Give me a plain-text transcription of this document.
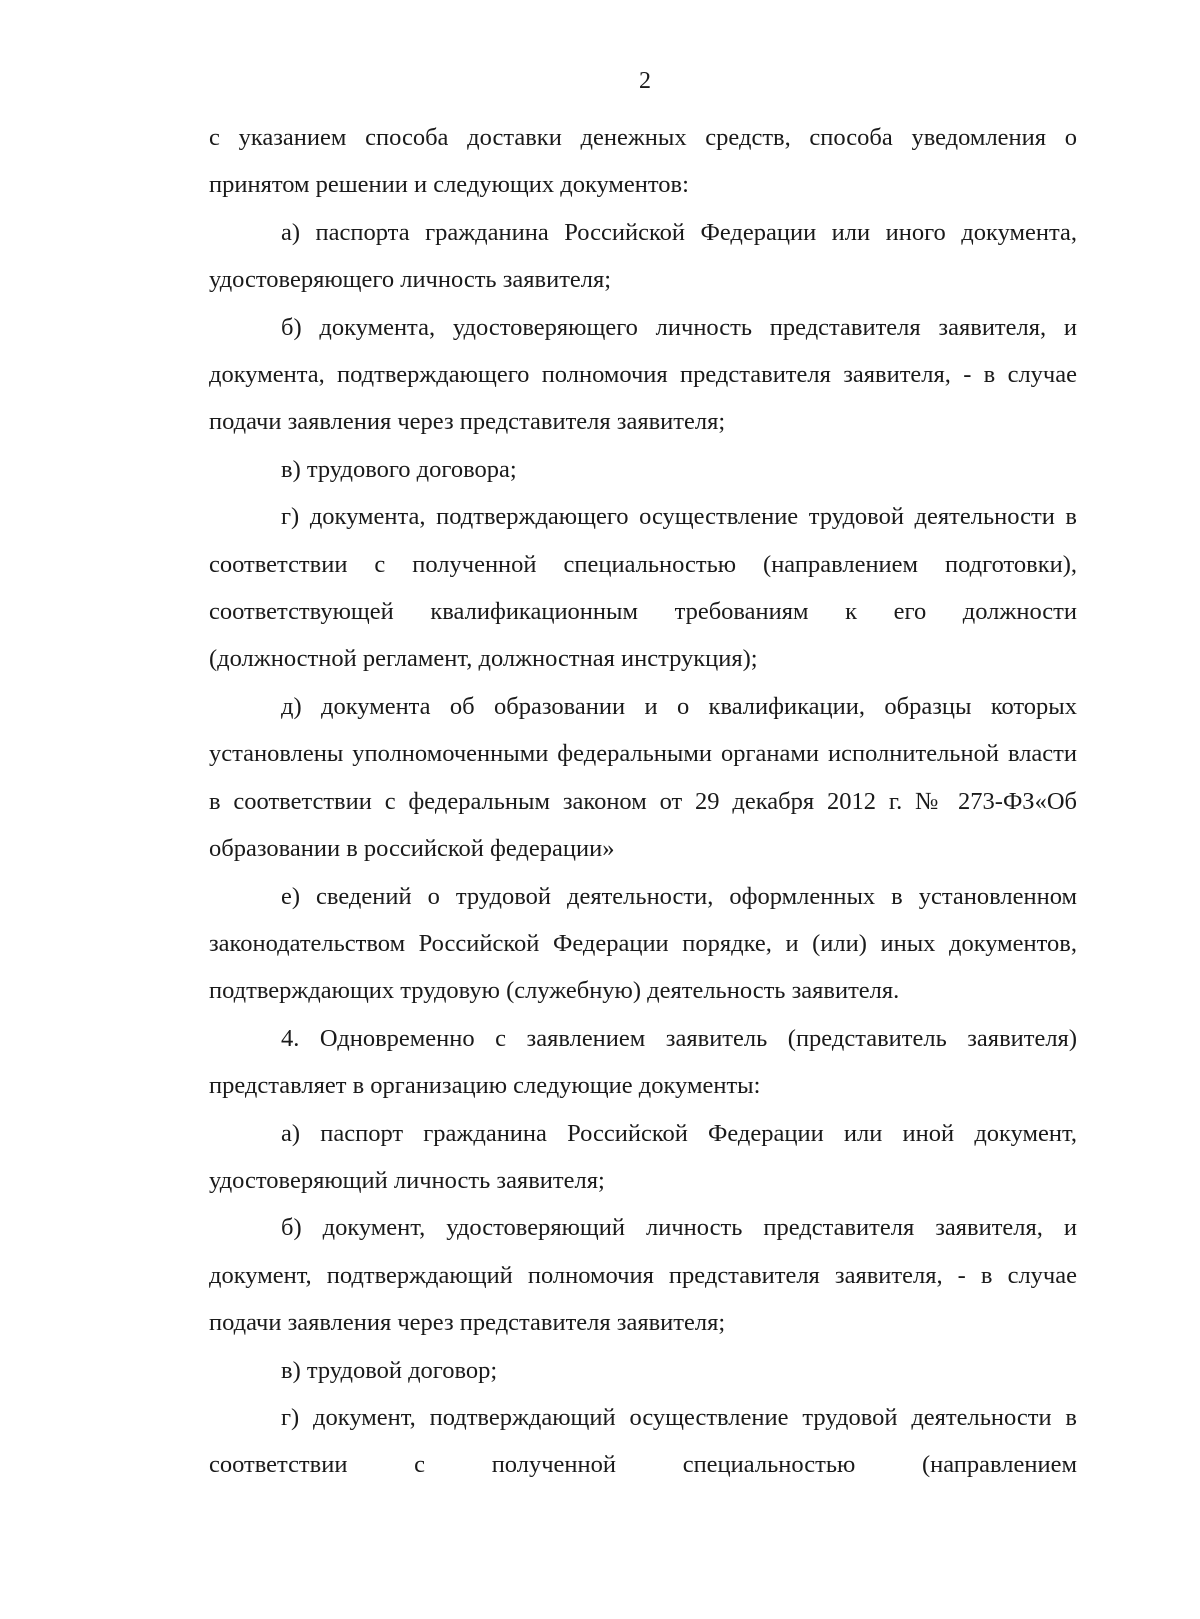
2

с указанием способа доставки денежных средств, способа уведомления о принятом решении и следующих документов:

а) паспорта гражданина Российской Федерации или иного документа, удостоверяющего личность заявителя;

б) документа, удостоверяющего личность представителя заявителя, и документа, подтверждающего полномочия представителя заявителя, - в случае подачи заявления через представителя заявителя;

в) трудового договора;

г) документа, подтверждающего осуществление трудовой деятельности в соответствии с полученной специальностью (направлением подготовки), соответствующей квалификационным требованиям к его должности (должностной регламент, должностная инструкция);

д) документа об образовании и о квалификации, образцы которых установлены уполномоченными федеральными органами исполнительной власти в соответствии с федеральным законом от 29 декабря 2012 г. № 273-ФЗ«Об образовании в российской федерации»

е) сведений о трудовой деятельности, оформленных в установленном законодательством Российской Федерации порядке, и (или) иных документов, подтверждающих трудовую (служебную) деятельность заявителя.

4. Одновременно с заявлением заявитель (представитель заявителя) представляет в организацию следующие документы:

а) паспорт гражданина Российской Федерации или иной документ, удостоверяющий личность заявителя;

б) документ, удостоверяющий личность представителя заявителя, и документ, подтверждающий полномочия представителя заявителя, - в случае подачи заявления через представителя заявителя;

в) трудовой договор;

г) документ, подтверждающий осуществление трудовой деятельности в соответствии с полученной специальностью (направлением
